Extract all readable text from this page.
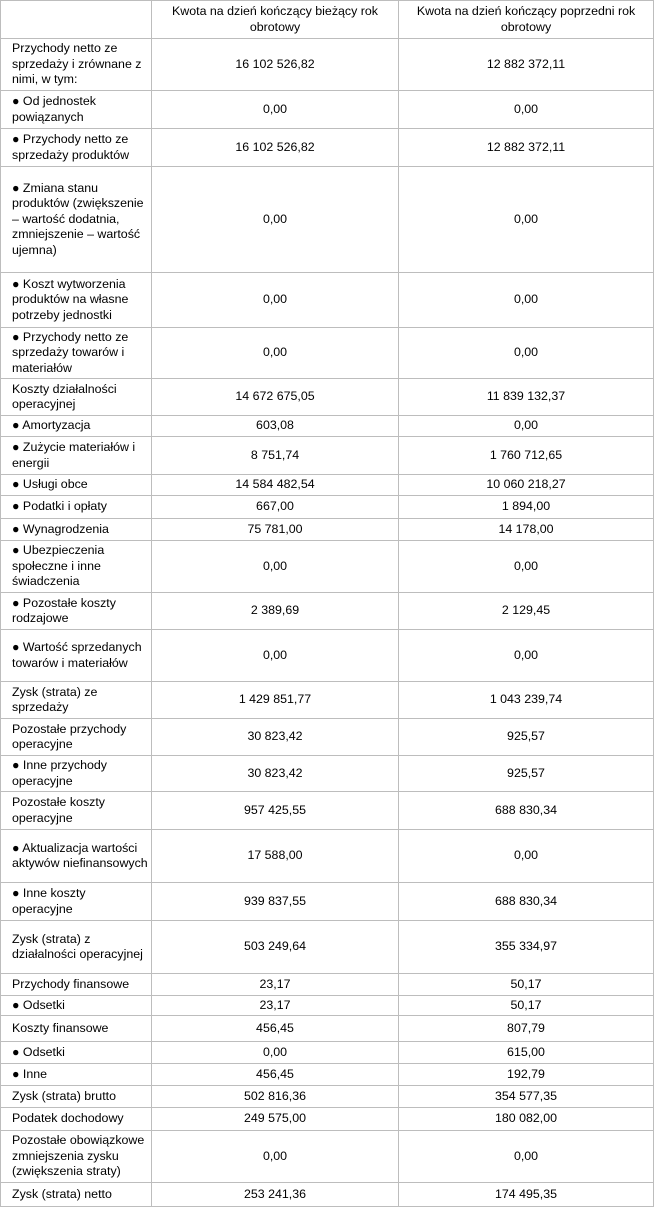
	Kwota na dzień kończący bieżący rok obrotowy	Kwota na dzień kończący poprzedni rok obrotowy
Przychody netto ze sprzedaży i zrównane z nimi, w tym:	16 102 526,82	12 882 372,11
● Od jednostek powiązanych	0,00	0,00
● Przychody netto ze sprzedaży produktów	16 102 526,82	12 882 372,11
● Zmiana stanu produktów (zwiększenie – wartość dodatnia, zmniejszenie – wartość ujemna)	0,00	0,00
● Koszt wytworzenia produktów na własne potrzeby jednostki	0,00	0,00
● Przychody netto ze sprzedaży towarów i materiałów	0,00	0,00
Koszty działalności operacyjnej	14 672 675,05	11 839 132,37
● Amortyzacja	603,08	0,00
● Zużycie materiałów i energii	8 751,74	1 760 712,65
● Usługi obce	14 584 482,54	10 060 218,27
● Podatki i opłaty	667,00	1 894,00
● Wynagrodzenia	75 781,00	14 178,00
● Ubezpieczenia społeczne i inne świadczenia	0,00	0,00
● Pozostałe koszty rodzajowe	2 389,69	2 129,45
● Wartość sprzedanych towarów i materiałów	0,00	0,00
Zysk (strata) ze sprzedaży	1 429 851,77	1 043 239,74
Pozostałe przychody operacyjne	30 823,42	925,57
● Inne przychody operacyjne	30 823,42	925,57
Pozostałe koszty operacyjne	957 425,55	688 830,34
● Aktualizacja wartości aktywów niefinansowych	17 588,00	0,00
● Inne koszty operacyjne	939 837,55	688 830,34
Zysk (strata) z działalności operacyjnej	503 249,64	355 334,97
Przychody finansowe	23,17	50,17
● Odsetki	23,17	50,17
Koszty finansowe	456,45	807,79
● Odsetki	0,00	615,00
● Inne	456,45	192,79
Zysk (strata) brutto	502 816,36	354 577,35
Podatek dochodowy	249 575,00	180 082,00
Pozostałe obowiązkowe zmniejszenia zysku (zwiększenia straty)	0,00	0,00
Zysk (strata) netto	253 241,36	174 495,35
